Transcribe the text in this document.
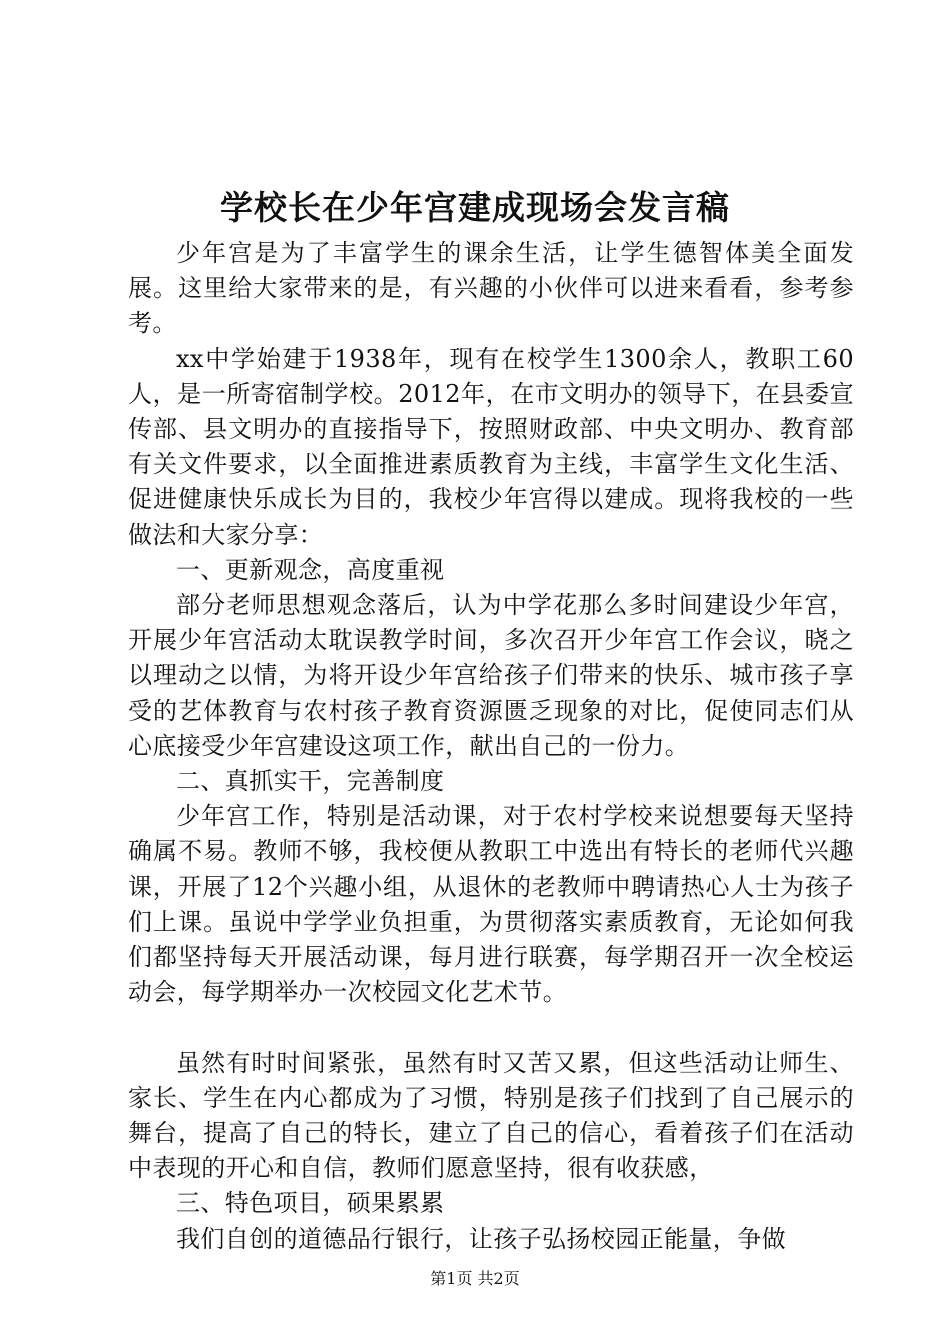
学校长在少年宫建成现场会发言稿

少年宫是为了丰富学生的课余生活，让学生德智体美全面发展。这里给大家带来的是，有兴趣的小伙伴可以进来看看，参考参考。

xx中学始建于1938年，现有在校学生1300余人，教职工60人，是一所寄宿制学校。2012年，在市文明办的领导下，在县委宣传部、县文明办的直接指导下，按照财政部、中央文明办、教育部有关文件要求，以全面推进素质教育为主线，丰富学生文化生活、促进健康快乐成长为目的，我校少年宫得以建成。现将我校的一些做法和大家分享：

一、更新观念，高度重视

部分老师思想观念落后，认为中学花那么多时间建设少年宫，开展少年宫活动太耽误教学时间，多次召开少年宫工作会议，晓之以理动之以情，为将开设少年宫给孩子们带来的快乐、城市孩子享受的艺体教育与农村孩子教育资源匮乏现象的对比，促使同志们从心底接受少年宫建设这项工作，献出自己的一份力。

二、真抓实干，完善制度

少年宫工作，特别是活动课，对于农村学校来说想要每天坚持确属不易。教师不够，我校便从教职工中选出有特长的老师代兴趣课，开展了12个兴趣小组，从退休的老教师中聘请热心人士为孩子们上课。虽说中学学业负担重，为贯彻落实素质教育，无论如何我们都坚持每天开展活动课，每月进行联赛，每学期召开一次全校运动会，每学期举办一次校园文化艺术节。

虽然有时时间紧张，虽然有时又苦又累，但这些活动让师生、家长、学生在内心都成为了习惯，特别是孩子们找到了自己展示的舞台，提高了自己的特长，建立了自己的信心，看着孩子们在活动中表现的开心和自信，教师们愿意坚持，很有收获感，

三、特色项目，硕果累累

我们自创的道德品行银行，让孩子弘扬校园正能量，争做

第1页 共2页
